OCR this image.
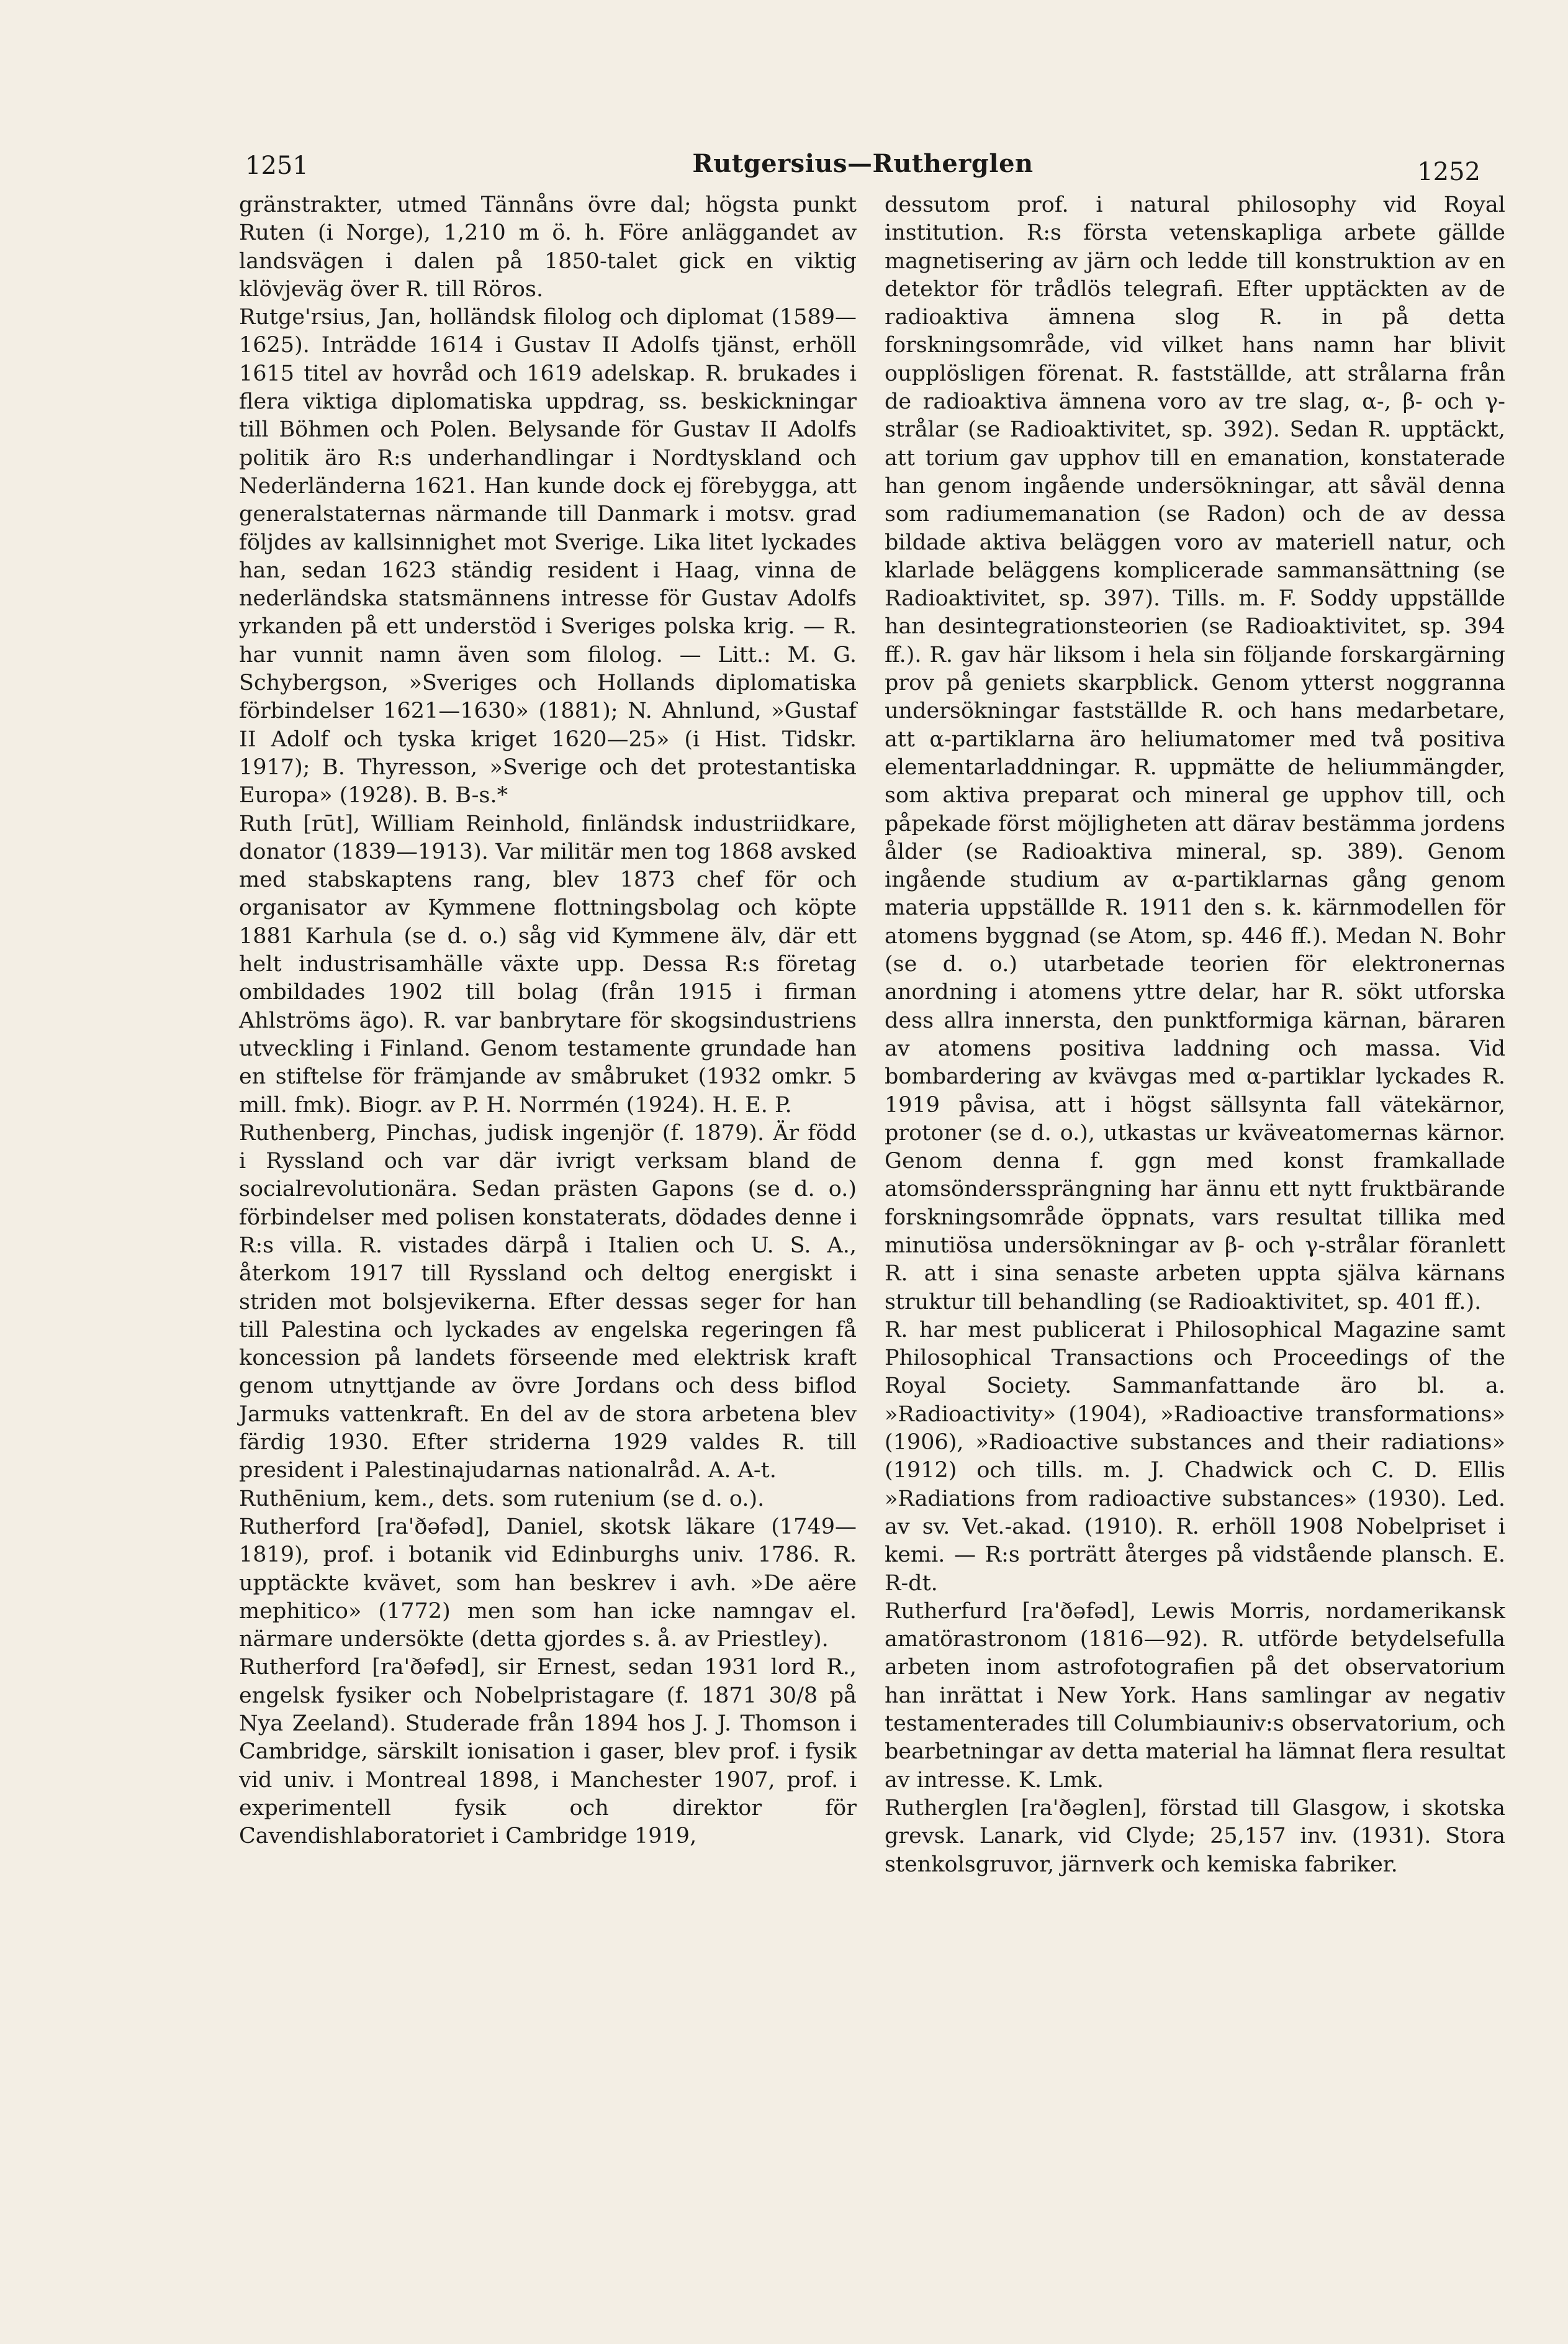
1251	Rutgersius—Rutherglen	1252

gränstrakter, utmed Tännåns övre dal; högsta punkt Ruten (i Norge), 1,210 m ö. h. Före anläggandet av landsvägen i dalen på 1850-talet gick en viktig klövjeväg över R. till Röros.

Rutge'rsius, Jan, holländsk filolog och diplomat (1589—1625). Inträdde 1614 i Gustav II Adolfs tjänst, erhöll 1615 titel av hovråd och 1619 adelskap. R. brukades i flera viktiga diplomatiska uppdrag, ss. beskickningar till Böhmen och Polen. Belysande för Gustav II Adolfs politik äro R:s underhandlingar i Nordtyskland och Nederländerna 1621. Han kunde dock ej förebygga, att generalstaternas närmande till Danmark i motsv. grad följdes av kallsinnighet mot Sverige. Lika litet lyckades han, sedan 1623 ständig resident i Haag, vinna de nederländska statsmännens intresse för Gustav Adolfs yrkanden på ett understöd i Sveriges polska krig. — R. har vunnit namn även som filolog. — Litt.: M. G. Schybergson, »Sveriges och Hollands diplomatiska förbindelser 1621—1630» (1881); N. Ahnlund, »Gustaf II Adolf och tyska kriget 1620—25» (i Hist. Tidskr. 1917); B. Thyresson, »Sverige och det protestantiska Europa» (1928). B. B-s.*

Ruth [rūt], William Reinhold, finländsk industriidkare, donator (1839—1913). Var militär men tog 1868 avsked med stabskaptens rang, blev 1873 chef för och organisator av Kymmene flottningsbolag och köpte 1881 Karhula (se d. o.) såg vid Kymmene älv, där ett helt industrisamhälle växte upp. Dessa R:s företag ombildades 1902 till bolag (från 1915 i firman Ahlströms ägo). R. var banbrytare för skogsindustriens utveckling i Finland. Genom testamente grundade han en stiftelse för främjande av småbruket (1932 omkr. 5 mill. fmk). Biogr. av P. H. Norrmén (1924). H. E. P.

Ruthenberg, Pinchas, judisk ingenjör (f. 1879). Är född i Ryssland och var där ivrigt verksam bland de socialrevolutionära. Sedan prästen Gapons (se d. o.) förbindelser med polisen konstaterats, dödades denne i R:s villa. R. vistades därpå i Italien och U. S. A., återkom 1917 till Ryssland och deltog energiskt i striden mot bolsjevikerna. Efter dessas seger for han till Palestina och lyckades av engelska regeringen få koncession på landets förseende med elektrisk kraft genom utnyttjande av övre Jordans och dess biflod Jarmuks vattenkraft. En del av de stora arbetena blev färdig 1930. Efter striderna 1929 valdes R. till president i Palestinajudarnas nationalråd. A. A-t.

Ruthēnium, kem., dets. som rutenium (se d. o.).

Rutherford [ra'ðəfəd], Daniel, skotsk läkare (1749—1819), prof. i botanik vid Edinburghs univ. 1786. R. upptäckte kvävet, som han beskrev i avh. »De aëre mephitico» (1772) men som han icke namngav el. närmare undersökte (detta gjordes s. å. av Priestley).

Rutherford [ra'ðəfəd], sir Ernest, sedan 1931 lord R., engelsk fysiker och Nobelpristagare (f. 1871 30/8 på Nya Zeeland). Studerade från 1894 hos J. J. Thomson i Cambridge, särskilt ionisation i gaser, blev prof. i fysik vid univ. i Montreal 1898, i Manchester 1907, prof. i experimentell fysik och direktor för Cavendishlaboratoriet i Cambridge 1919,

dessutom prof. i natural philosophy vid Royal institution. R:s första vetenskapliga arbete gällde magnetisering av järn och ledde till konstruktion av en detektor för trådlös telegrafi. Efter upptäckten av de radioaktiva ämnena slog R. in på detta forskningsområde, vid vilket hans namn har blivit oupplösligen förenat. R. fastställde, att strålarna från de radioaktiva ämnena voro av tre slag, α-, β- och γ-strålar (se Radioaktivitet, sp. 392). Sedan R. upptäckt, att torium gav upphov till en emanation, konstaterade han genom ingående undersökningar, att såväl denna som radiumemanation (se Radon) och de av dessa bildade aktiva beläggen voro av materiell natur, och klarlade beläggens komplicerade sammansättning (se Radioaktivitet, sp. 397). Tills. m. F. Soddy uppställde han desintegrationsteorien (se Radioaktivitet, sp. 394 ff.). R. gav här liksom i hela sin följande forskargärning prov på geniets skarpblick. Genom ytterst noggranna undersökningar fastställde R. och hans medarbetare, att α-partiklarna äro heliumatomer med två positiva elementarladdningar. R. uppmätte de heliummängder, som aktiva preparat och mineral ge upphov till, och påpekade först möjligheten att därav bestämma jordens ålder (se Radioaktiva mineral, sp. 389). Genom ingående studium av α-partiklarnas gång genom materia uppställde R. 1911 den s. k. kärnmodellen för atomens byggnad (se Atom, sp. 446 ff.). Medan N. Bohr (se d. o.) utarbetade teorien för elektronernas anordning i atomens yttre delar, har R. sökt utforska dess allra innersta, den punktformiga kärnan, bäraren av atomens positiva laddning och massa. Vid bombardering av kvävgas med α-partiklar lyckades R. 1919 påvisa, att i högst sällsynta fall vätekärnor, protoner (se d. o.), utkastas ur kväveatomernas kärnor. Genom denna f. ggn med konst framkallade atomsönderssprängning har ännu ett nytt fruktbärande forskningsområde öppnats, vars resultat tillika med minutiösa undersökningar av β- och γ-strålar föranlett R. att i sina senaste arbeten uppta själva kärnans struktur till behandling (se Radioaktivitet, sp. 401 ff.).

R. har mest publicerat i Philosophical Magazine samt Philosophical Transactions och Proceedings of the Royal Society. Sammanfattande äro bl. a. »Radioactivity» (1904), »Radioactive transformations» (1906), »Radioactive substances and their radiations» (1912) och tills. m. J. Chadwick och C. D. Ellis »Radiations from radioactive substances» (1930). Led. av sv. Vet.-akad. (1910). R. erhöll 1908 Nobelpriset i kemi. — R:s porträtt återges på vidstående plansch. E. R-dt.

Rutherfurd [ra'ðəfəd], Lewis Morris, nordamerikansk amatörastronom (1816—92). R. utförde betydelsefulla arbeten inom astrofotografien på det observatorium han inrättat i New York. Hans samlingar av negativ testamenterades till Columbiauniv:s observatorium, och bearbetningar av detta material ha lämnat flera resultat av intresse. K. Lmk.

Rutherglen [ra'ðəglen], förstad till Glasgow, i skotska grevsk. Lanark, vid Clyde; 25,157 inv. (1931). Stora stenkolsgruvor, järnverk och kemiska fabriker.
